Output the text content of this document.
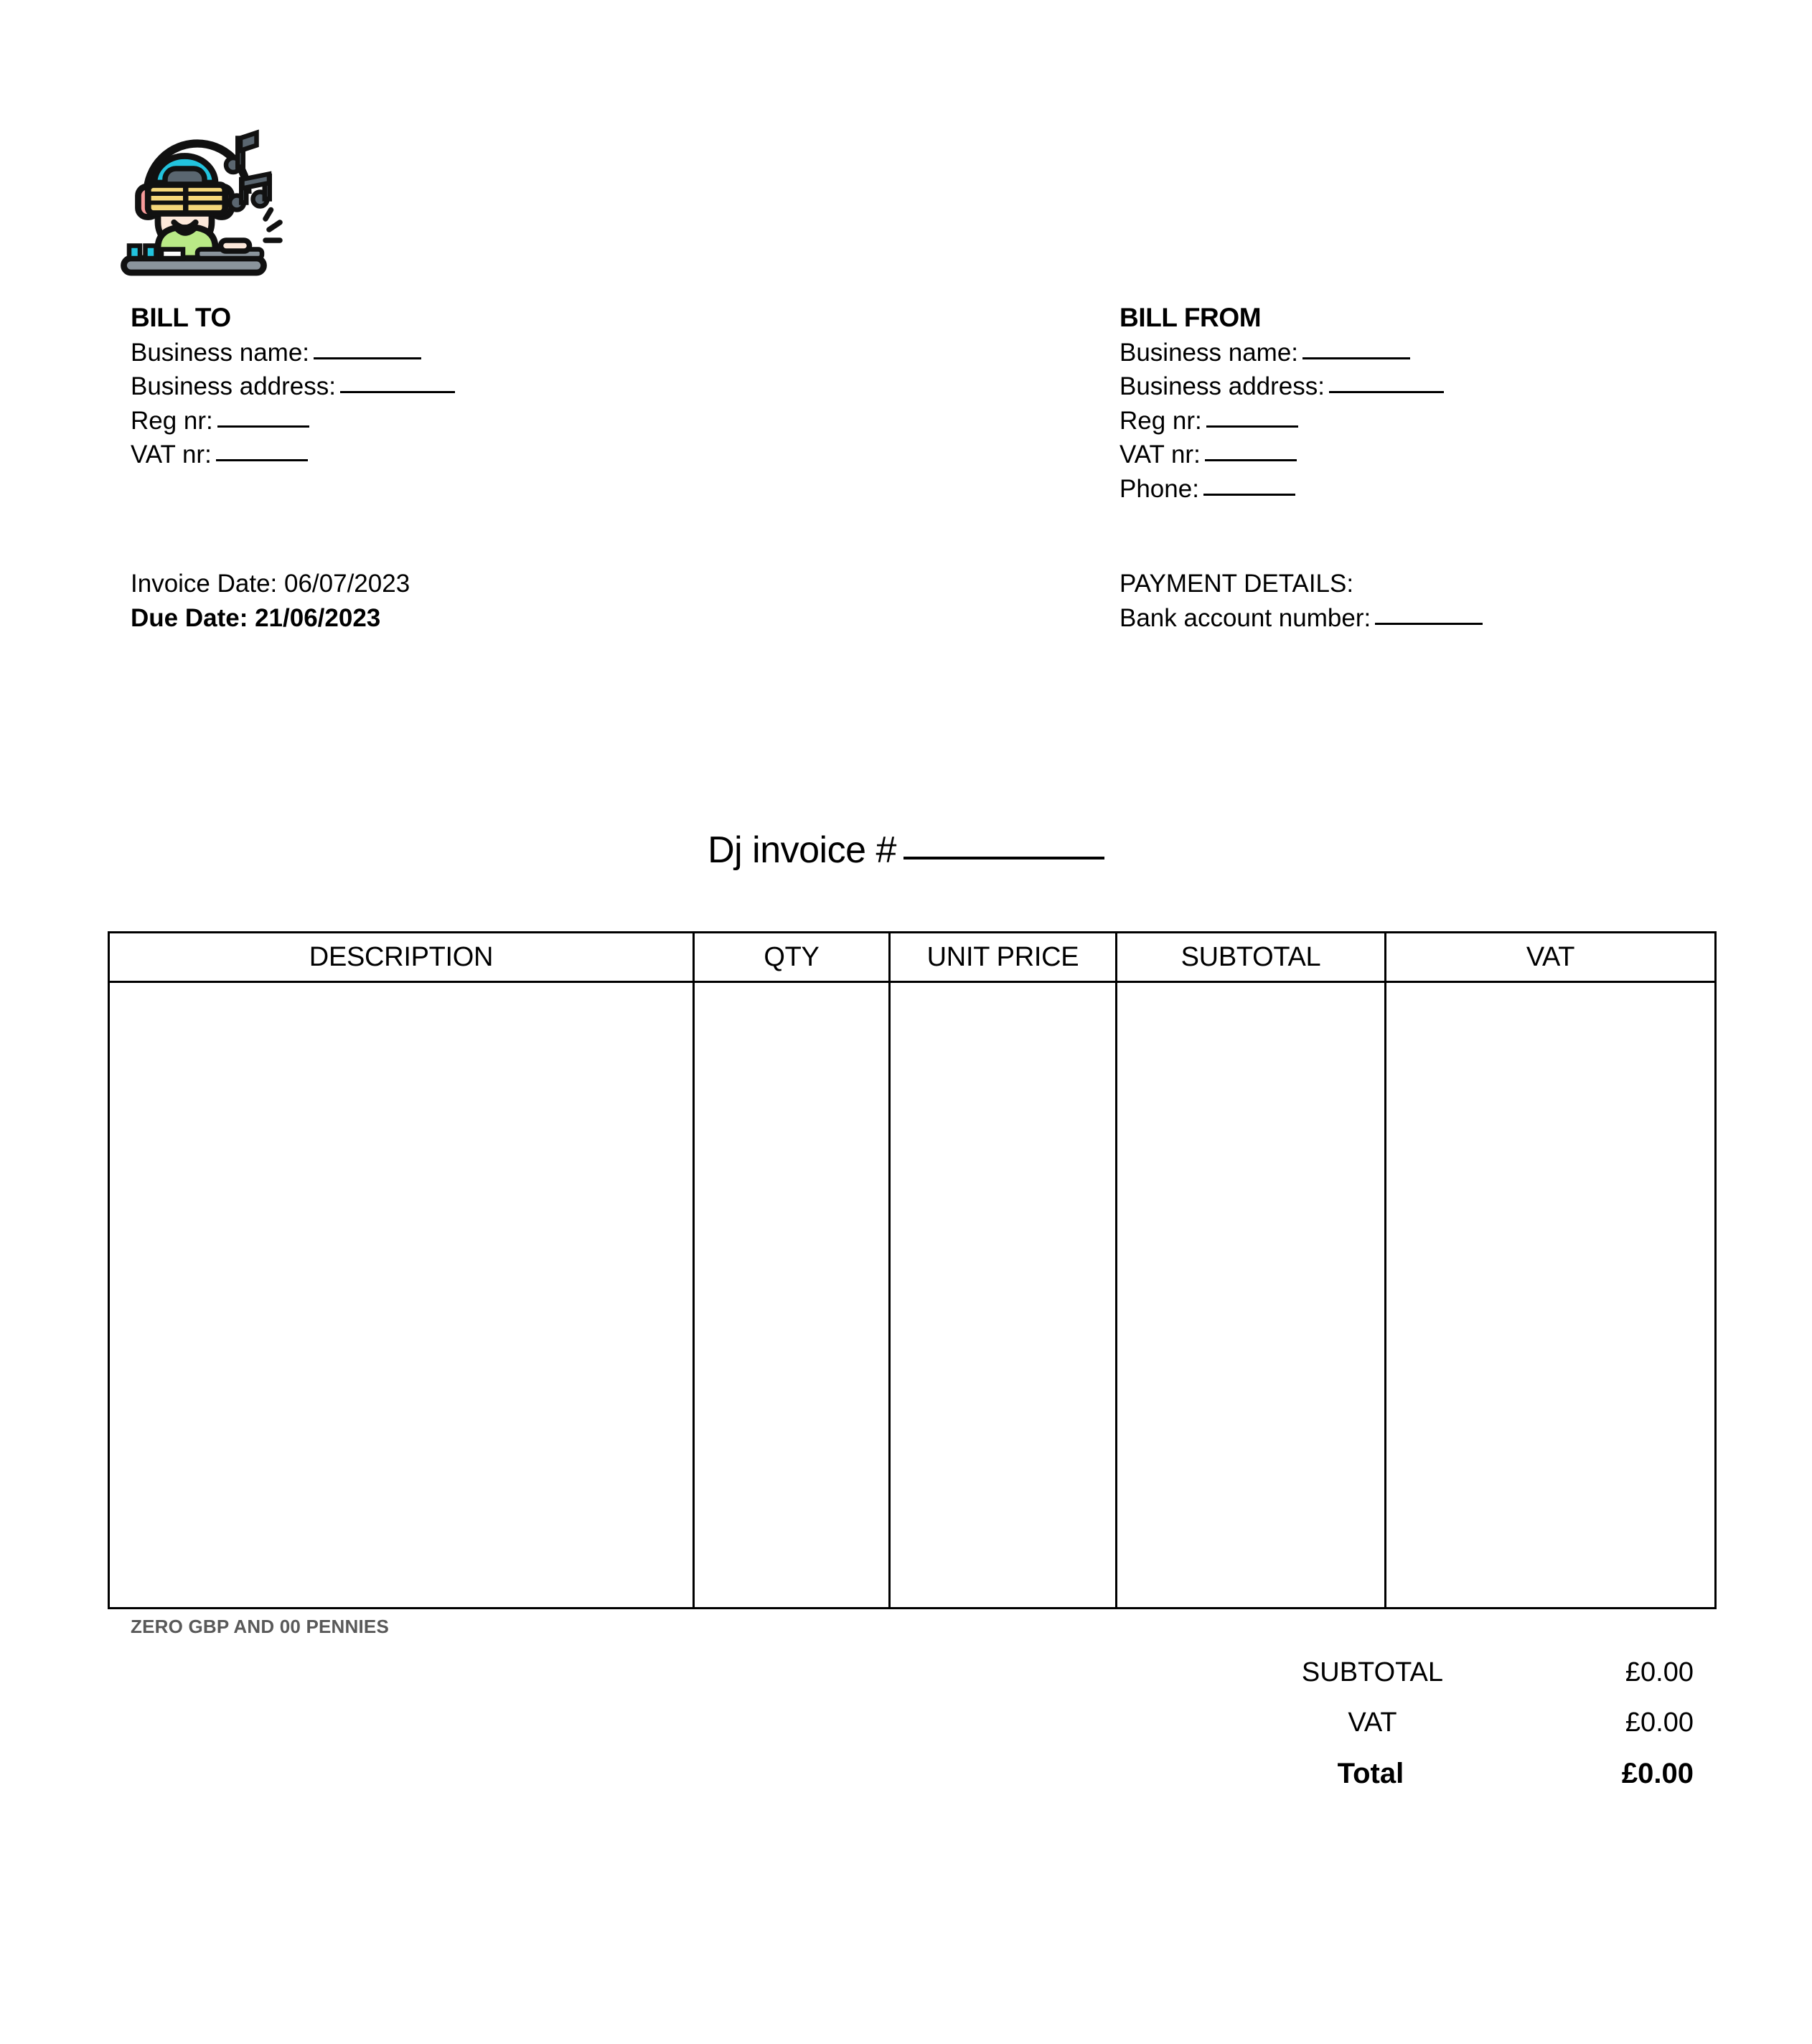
BILL TO
Business name:
Business address:
Reg nr:
VAT nr:
BILL FROM
Business name:
Business address:
Reg nr:
VAT nr:
Phone:
Invoice Date: 06/07/2023
Due Date: 21/06/2023
PAYMENT DETAILS:
Bank account number:
Dj invoice #
DESCRIPTION	QTY	UNIT PRICE	SUBTOTAL	VAT

ZERO GBP AND 00 PENNIES
SUBTOTAL	£0.00
VAT	£0.00
Total	£0.00
